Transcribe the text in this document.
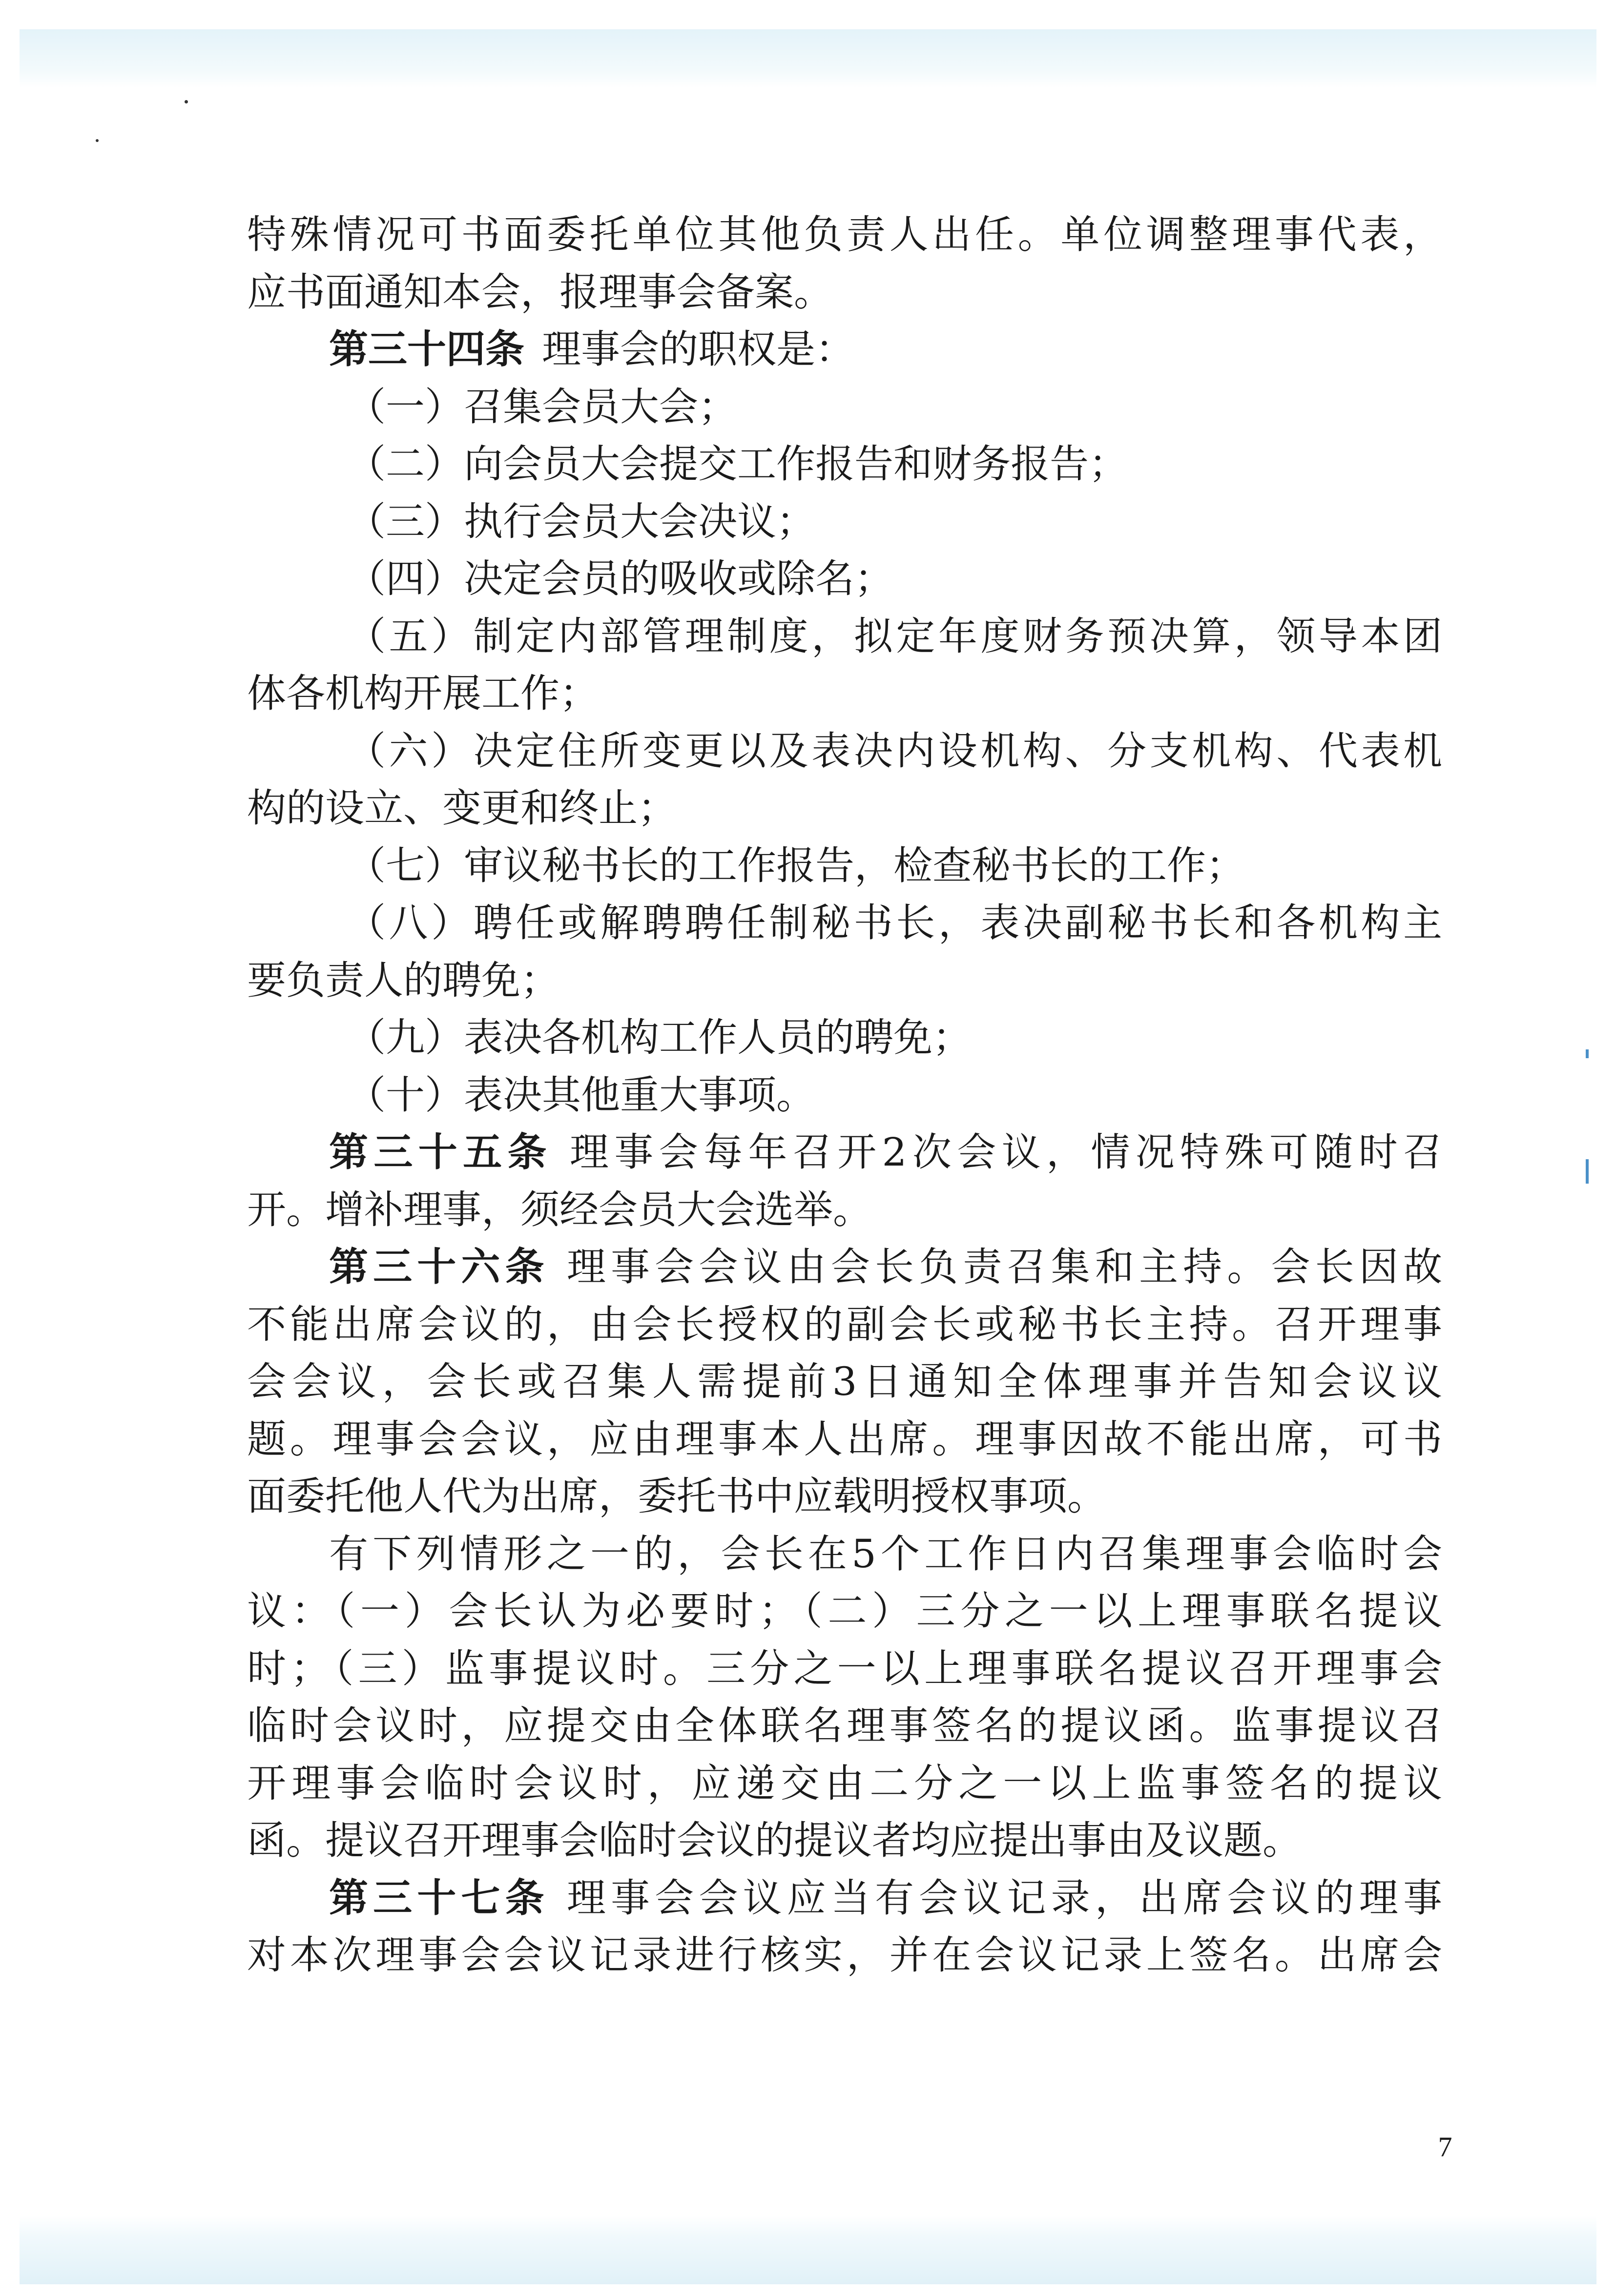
特殊情况可书面委托单位其他负责人出任。单位调整理事代表，
应书面通知本会，报理事会备案。
第三十四条 理事会的职权是：
（一）召集会员大会；
（二）向会员大会提交工作报告和财务报告；
（三）执行会员大会决议；
（四）决定会员的吸收或除名；
（五）制定内部管理制度，拟定年度财务预决算，领导本团
体各机构开展工作；
（六）决定住所变更以及表决内设机构、分支机构、代表机
构的设立、变更和终止；
（七）审议秘书长的工作报告，检查秘书长的工作；
（八）聘任或解聘聘任制秘书长，表决副秘书长和各机构主
要负责人的聘免；
（九）表决各机构工作人员的聘免；
（十）表决其他重大事项。
第三十五条 理事会每年召开2次会议，情况特殊可随时召
开。增补理事，须经会员大会选举。
第三十六条 理事会会议由会长负责召集和主持。会长因故
不能出席会议的，由会长授权的副会长或秘书长主持。召开理事
会会议，会长或召集人需提前3日通知全体理事并告知会议议
题。理事会会议，应由理事本人出席。理事因故不能出席，可书
面委托他人代为出席，委托书中应载明授权事项。
有下列情形之一的，会长在5个工作日内召集理事会临时会
议：（一）会长认为必要时；（二）三分之一以上理事联名提议
时；（三）监事提议时。三分之一以上理事联名提议召开理事会
临时会议时，应提交由全体联名理事签名的提议函。监事提议召
开理事会临时会议时，应递交由二分之一以上监事签名的提议
函。提议召开理事会临时会议的提议者均应提出事由及议题。
第三十七条 理事会会议应当有会议记录，出席会议的理事
对本次理事会会议记录进行核实，并在会议记录上签名。出席会
7
